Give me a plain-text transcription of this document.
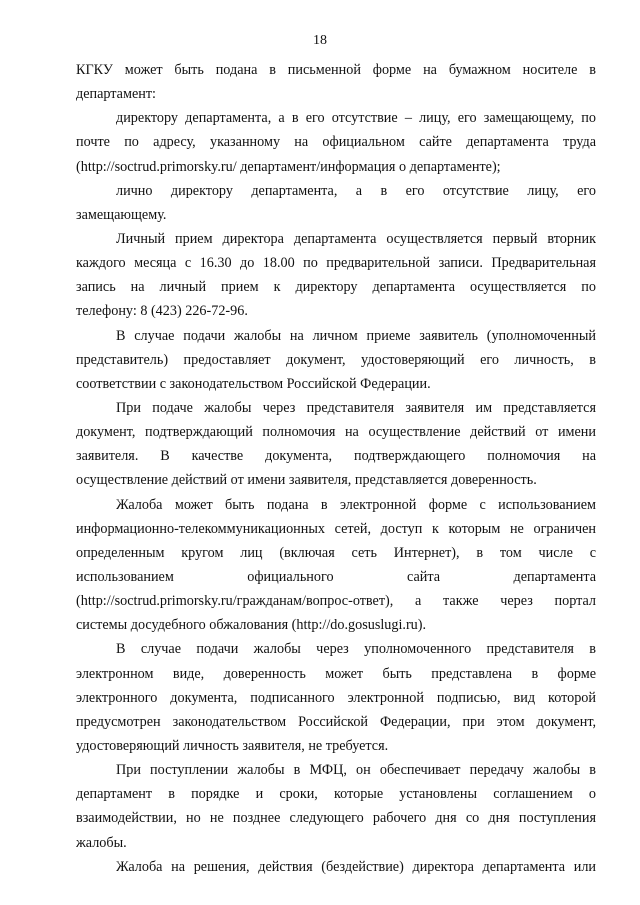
18
КГКУ может быть подана в письменной форме на бумажном носителе в
департамент:
директору департамента, а в его отсутствие – лицу, его замещающему, по
почте по адресу, указанному на официальном сайте департамента труда
(http://soctrud.primorsky.ru/ департамент/информация о департаменте);
лично директору департамента, а в его отсутствие лицу, его
замещающему.
Личный прием директора департамента осуществляется первый вторник
каждого месяца с 16.30 до 18.00 по предварительной записи. Предварительная
запись на личный прием к директору департамента осуществляется по
телефону: 8 (423) 226-72-96.
В случае подачи жалобы на личном приеме заявитель (уполномоченный
представитель) предоставляет документ, удостоверяющий его личность, в
соответствии с законодательством Российской Федерации.
При подаче жалобы через представителя заявителя им представляется
документ, подтверждающий полномочия на осуществление действий от имени
заявителя. В качестве документа, подтверждающего полномочия на
осуществление действий от имени заявителя, представляется доверенность.
Жалоба может быть подана в электронной форме с использованием
информационно-телекоммуникационных сетей, доступ к которым не ограничен
определенным кругом лиц (включая сеть Интернет), в том числе с
использованием официального сайта департамента
(http://soctrud.primorsky.ru/гражданам/вопрос-ответ), а также через портал
системы досудебного обжалования (http://do.gosuslugi.ru).
В случае подачи жалобы через уполномоченного представителя в
электронном виде, доверенность может быть представлена в форме
электронного документа, подписанного электронной подписью, вид которой
предусмотрен законодательством Российской Федерации, при этом документ,
удостоверяющий личность заявителя, не требуется.
При поступлении жалобы в МФЦ, он обеспечивает передачу жалобы в
департамент в порядке и сроки, которые установлены соглашением о
взаимодействии, но не позднее следующего рабочего дня со дня поступления
жалобы.
Жалоба на решения, действия (бездействие) директора департамента или
